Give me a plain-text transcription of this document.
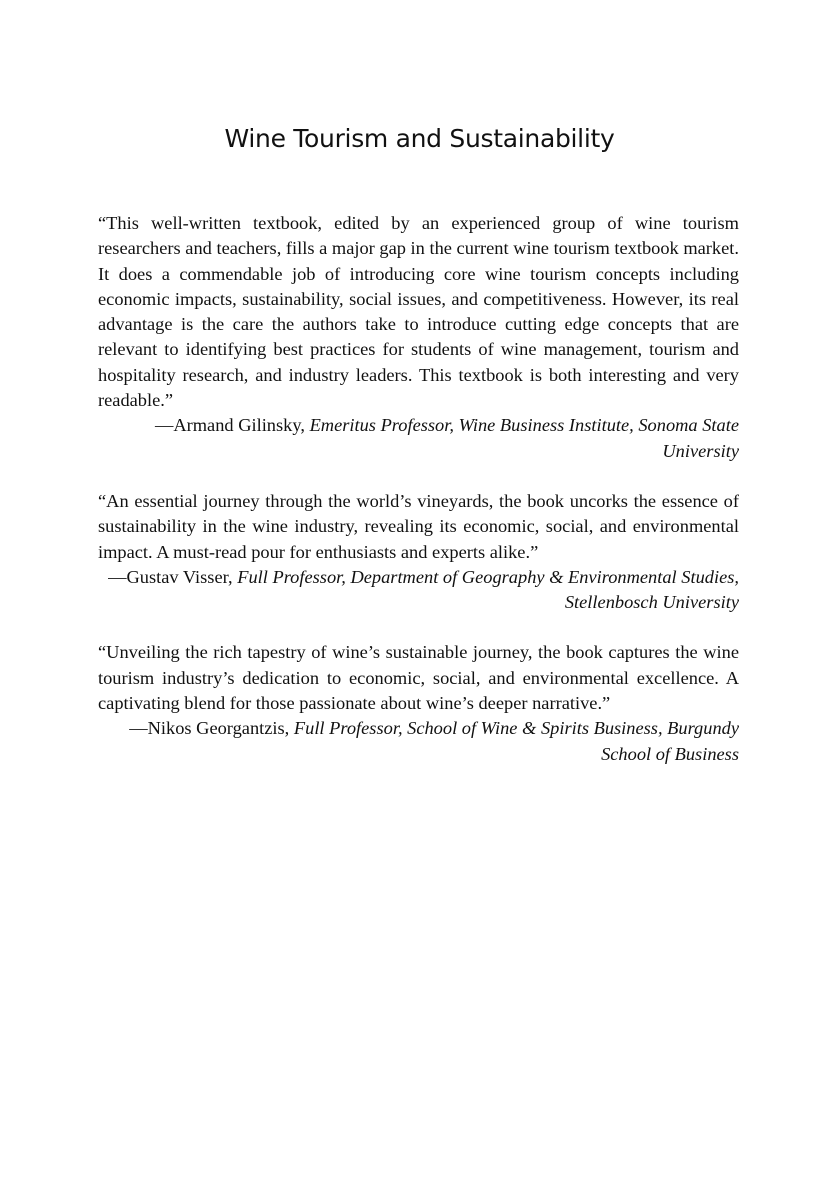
Wine Tourism and Sustainability

“This well-written textbook, edited by an experienced group of wine tourism researchers and teachers, fills a major gap in the current wine tourism textbook market. It does a commendable job of introducing core wine tourism concepts including economic impacts, sustainability, social issues, and competitiveness. However, its real advantage is the care the authors take to introduce cutting edge concepts that are relevant to identifying best practices for students of wine management, tourism and hospitality research, and industry leaders. This textbook is both interesting and very readable.”

—Armand Gilinsky, Emeritus Professor, Wine Business Institute, Sonoma State University

“An essential journey through the world’s vineyards, the book uncorks the essence of sustainability in the wine industry, revealing its economic, social, and environmental impact. A must-read pour for enthusiasts and experts alike.”

—Gustav Visser, Full Professor, Department of Geography & Environmental Studies, Stellenbosch University

“Unveiling the rich tapestry of wine’s sustainable journey, the book captures the wine tourism industry’s dedication to economic, social, and environmental excellence. A captivating blend for those passionate about wine’s deeper narrative.”

—Nikos Georgantzis, Full Professor, School of Wine & Spirits Business, Burgundy School of Business
